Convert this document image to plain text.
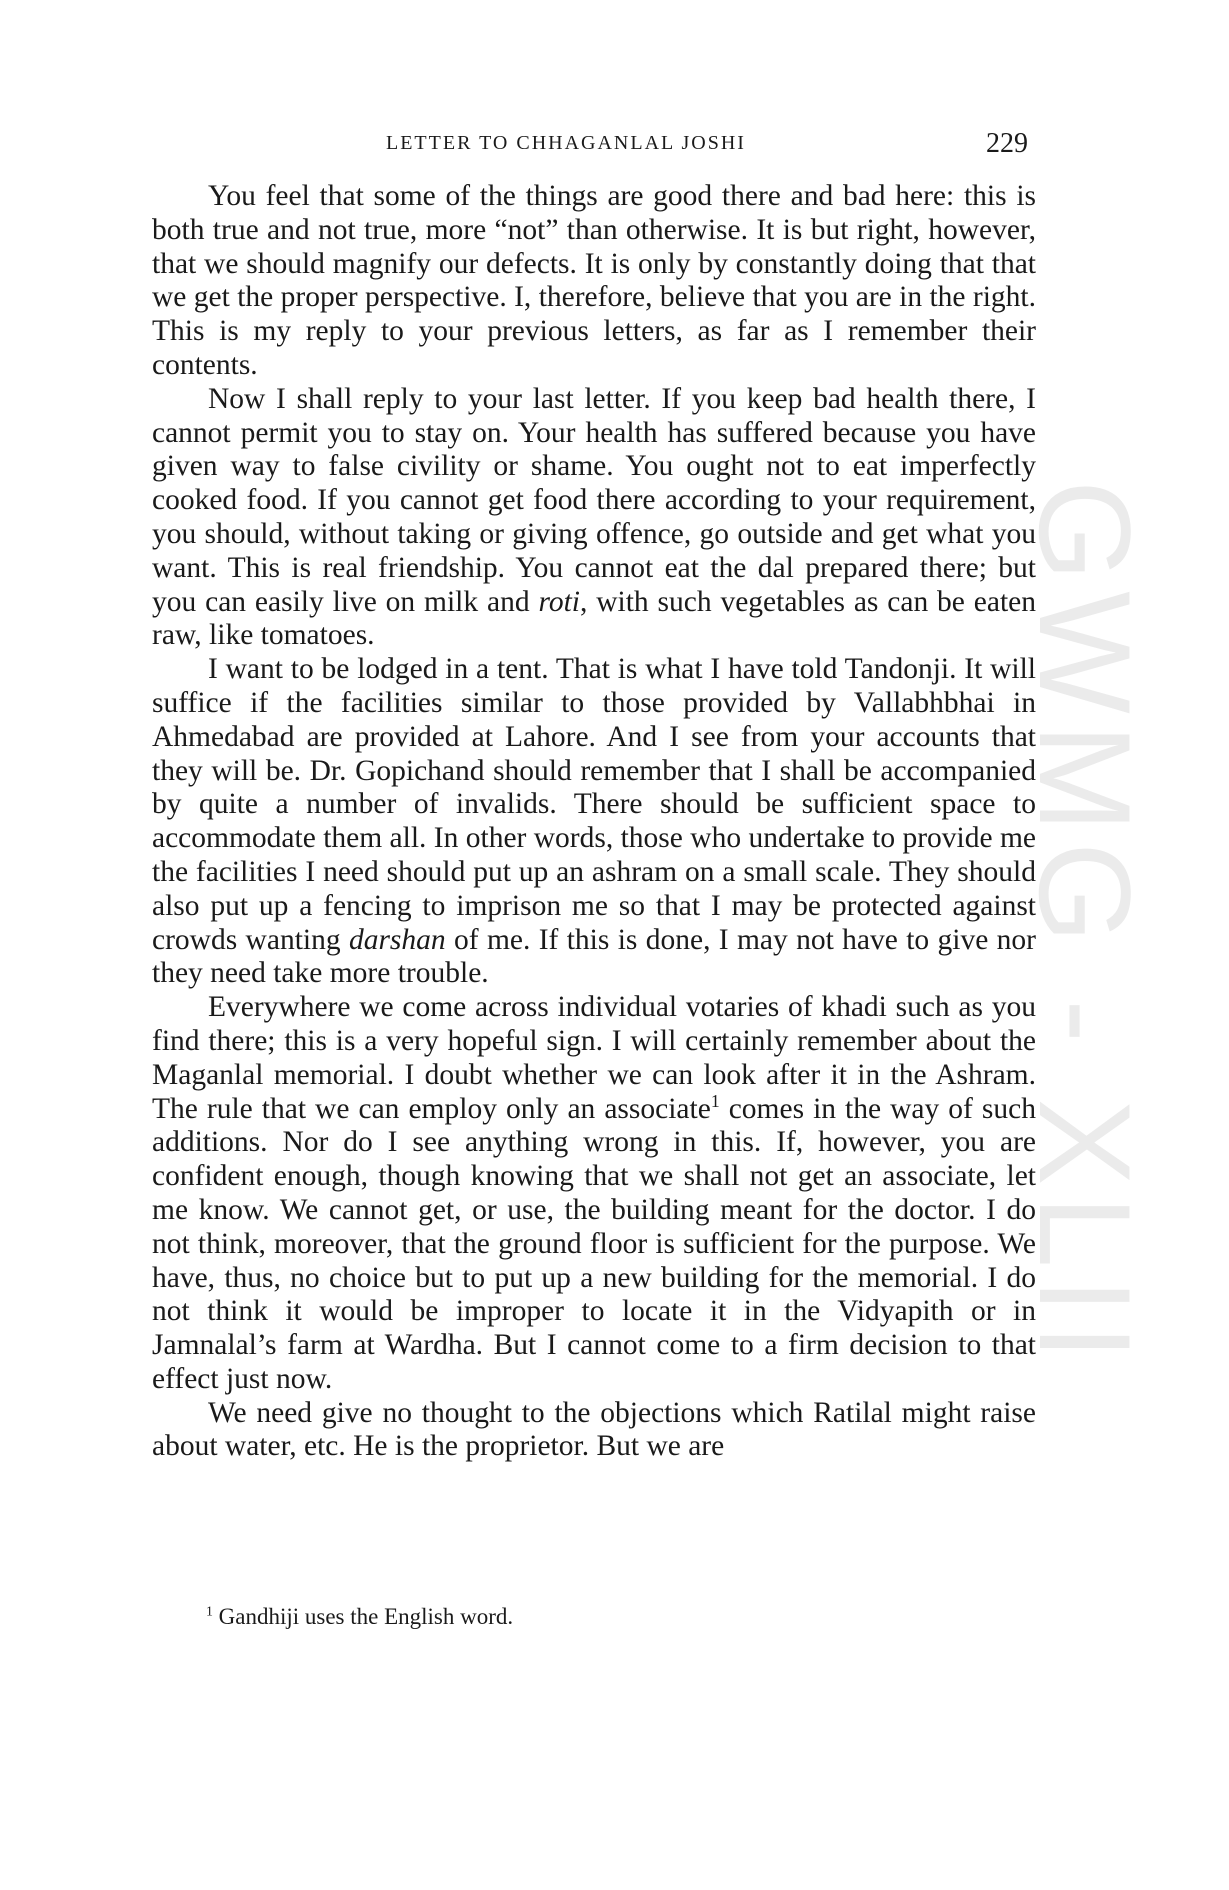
GWMG - XLII
LETTER TO CHHAGANLAL JOSHI	229

You feel that some of the things are good there and bad here: this is both true and not true, more “not” than otherwise. It is but right, however, that we should magnify our defects. It is only by constantly doing that that we get the proper perspective. I, therefore, believe that you are in the right. This is my reply to your previous letters, as far as I remember their contents.

Now I shall reply to your last letter. If you keep bad health there, I cannot permit you to stay on. Your health has suffered because you have given way to false civility or shame. You ought not to eat imperfectly cooked food. If you cannot get food there according to your requirement, you should, without taking or giving offence, go outside and get what you want. This is real friendship. You cannot eat the dal prepared there; but you can easily live on milk and roti, with such vegetables as can be eaten raw, like tomatoes.

I want to be lodged in a tent. That is what I have told Tandonji. It will suffice if the facilities similar to those provided by Vallabhbhai in Ahmedabad are provided at Lahore. And I see from your accounts that they will be. Dr. Gopichand should remember that I shall be accompanied by quite a number of invalids. There should be sufficient space to accommodate them all. In other words, those who undertake to provide me the facilities I need should put up an ashram on a small scale. They should also put up a fencing to imprison me so that I may be protected against crowds wanting darshan of me. If this is done, I may not have to give nor they need take more trouble.

Everywhere we come across individual votaries of khadi such as you find there; this is a very hopeful sign. I will certainly remember about the Maganlal memorial. I doubt whether we can look after it in the Ashram. The rule that we can employ only an associate$^1$ comes in the way of such additions. Nor do I see anything wrong in this. If, however, you are confident enough, though knowing that we shall not get an associate, let me know. We cannot get, or use, the building meant for the doctor. I do not think, moreover, that the ground floor is sufficient for the purpose. We have, thus, no choice but to put up a new building for the memorial. I do not think it would be improper to locate it in the Vidyapith or in Jamnalal’s farm at Wardha. But I cannot come to a firm decision to that effect just now.

We need give no thought to the objections which Ratilal might raise about water, etc. He is the proprietor. But we are

$^1$ Gandhiji uses the English word.
